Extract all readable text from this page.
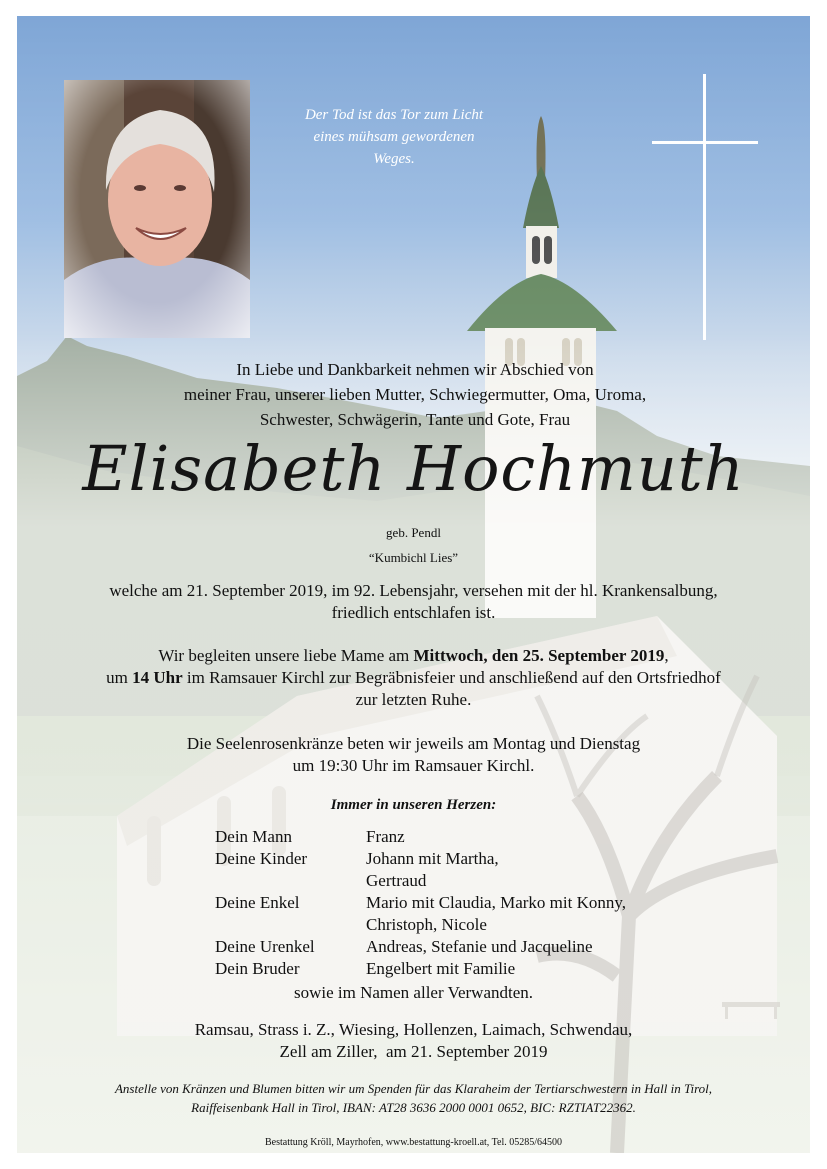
Der Tod ist das Tor zum Licht
eines mühsam gewordenen
Weges.
In Liebe und Dankbarkeit nehmen wir Abschied von
meiner Frau, unserer lieben Mutter, Schwiegermutter, Oma, Uroma,
Schwester, Schwägerin, Tante und Gote, Frau
Elisabeth Hochmuth
geb. Pendl
“Kumbichl Lies”
welche am 21. September 2019, im 92. Lebensjahr, versehen mit der hl. Krankensalbung,
friedlich entschlafen ist.
Wir begleiten unsere liebe Mame am Mittwoch, den 25. September 2019,
um 14 Uhr im Ramsauer Kirchl zur Begräbnisfeier und anschließend auf den Ortsfriedhof
zur letzten Ruhe.
Die Seelenrosenkränze beten wir jeweils am Montag und Dienstag
um 19:30 Uhr im Ramsauer Kirchl.
Immer in unseren Herzen:
Dein Mann	Franz
Deine Kinder	Johann mit Martha,
Gertraud
Deine Enkel	Mario mit Claudia, Marko mit Konny,
Christoph, Nicole
Deine Urenkel	Andreas, Stefanie und Jacqueline
Dein Bruder	Engelbert mit Familie
sowie im Namen aller Verwandten.
Ramsau, Strass i. Z., Wiesing, Hollenzen, Laimach, Schwendau,
Zell am Ziller,  am 21. September 2019
Anstelle von Kränzen und Blumen bitten wir um Spenden für das Klaraheim der Tertiarschwestern in Hall in Tirol,
Raiffeisenbank Hall in Tirol, IBAN: AT28 3636 2000 0001 0652, BIC: RZTIAT22362.
Bestattung Kröll, Mayrhofen, www.bestattung-kroell.at, Tel. 05285/64500
